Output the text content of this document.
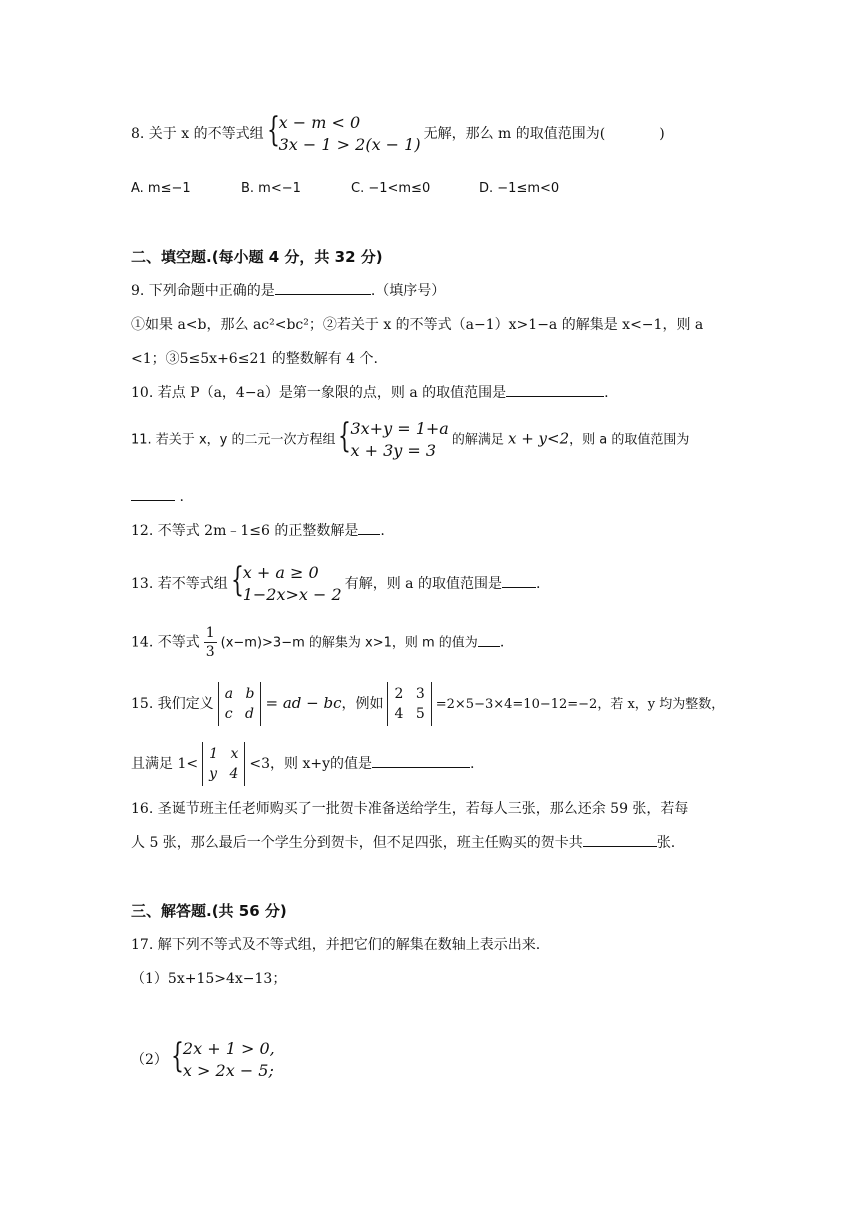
8. 关于 x 的不等式组 { x − m < 0
3x − 1 > 2(x − 1)
无解，那么 m 的取值范围为(	)
A. m≤−1	B. m<−1	C. −1<m≤0	D. −1≤m<0
二、填空题.(每小题 4 分，共 32 分)
9. 下列命题中正确的是	.（填序号）
①如果 a<b，那么 ac²<bc²；②若关于 x 的不等式（a−1）x>1−a 的解集是 x<−1，则 a
<1；③5≤5x+6≤21 的整数解有 4 个.
10. 若点 P（a，4−a）是第一象限的点，则 a 的取值范围是	.
11. 若关于 x，y 的二元一次方程组 { 3x+y = 1+a
x + 3y = 3
的解满足 x + y<2，则 a 的取值范围为
.
12. 不等式 2m﹣1≤6 的正整数解是 .
13. 若不等式组 { x + a ≥ 0
1−2x>x − 2
有解，则 a 的取值范围是 .
14. 不等式 $\frac{1}{3} (x-m)>3-m$ 的解集为 x>1，则 m 的值为 .
15. 我们定义
a b
c d
= ad − bc，例如
2 3
4 5
=2×5−3×4=10−12=−2，若 x，y 均为整数，
且满足 1<
1 x
y 4
<3，则 x+y的值是	.
16. 圣诞节班主任老师购买了一批贺卡准备送给学生，若每人三张，那么还余 59 张，若每
人 5 张，那么最后一个学生分到贺卡，但不足四张，班主任购买的贺卡共	张.
三、解答题.(共 56 分)
17. 解下列不等式及不等式组，并把它们的解集在数轴上表示出来.
（1）5x+15>4x−13；
（2） { 2x + 1 > 0,
x > 2x − 5;
